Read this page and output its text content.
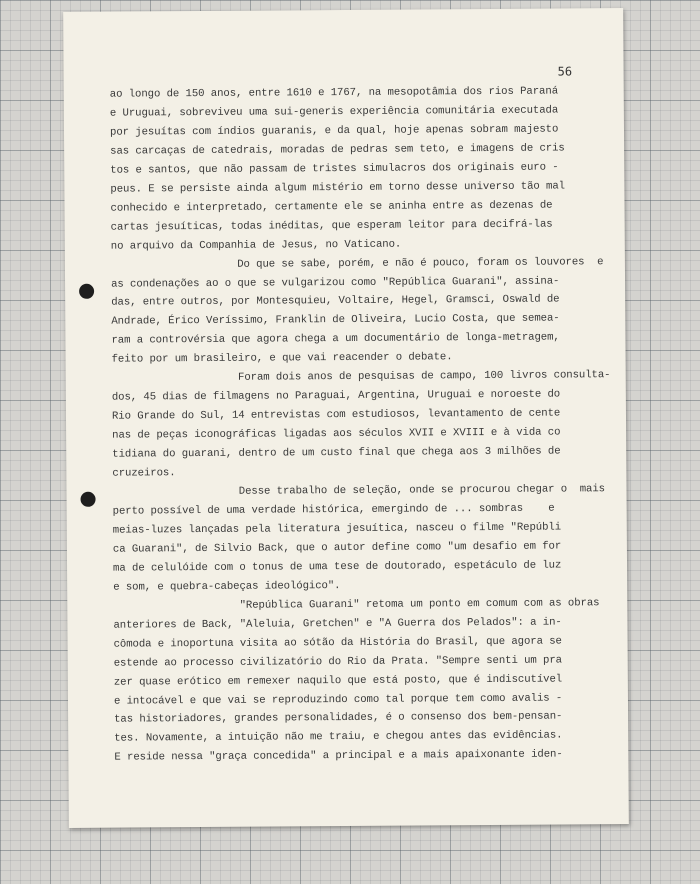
56
ao longo de 150 anos, entre 1610 e 1767, na mesopotâmia dos rios Paraná
e Uruguai, sobreviveu uma sui-generis experiência comunitária executada
por jesuítas com índios guaranis, e da qual, hoje apenas sobram majesto
sas carcaças de catedrais, moradas de pedras sem teto, e imagens de cris
tos e santos, que não passam de tristes simulacros dos originais euro -
peus. E se persiste ainda algum mistério em torno desse universo tão mal
conhecido e interpretado, certamente ele se aninha entre as dezenas de
cartas jesuíticas, todas inéditas, que esperam leitor para decifrá-las
no arquivo da Companhia de Jesus, no Vaticano.
Do que se sabe, porém, e não é pouco, foram os louvores  e
as condenações ao o que se vulgarizou como "República Guarani", assina-
das, entre outros, por Montesquieu, Voltaire, Hegel, Gramsci, Oswald de
Andrade, Érico Veríssimo, Franklin de Oliveira, Lucio Costa, que semea-
ram a controvérsia que agora chega a um documentário de longa-metragem,
feito por um brasileiro, e que vai reacender o debate.
Foram dois anos de pesquisas de campo, 100 livros consulta-
dos, 45 dias de filmagens no Paraguai, Argentina, Uruguai e noroeste do
Rio Grande do Sul, 14 entrevistas com estudiosos, levantamento de cente
nas de peças iconográficas ligadas aos séculos XVII e XVIII e à vida co
tidiana do guarani, dentro de um custo final que chega aos 3 milhões de
cruzeiros.
Desse trabalho de seleção, onde se procurou chegar o  mais
perto possível de uma verdade histórica, emergindo de ... sombras    e
meias-luzes lançadas pela literatura jesuítica, nasceu o filme "Repúbli
ca Guarani", de Silvio Back, que o autor define como "um desafio em for
ma de celulóide com o tonus de uma tese de doutorado, espetáculo de luz
e som, e quebra-cabeças ideológico".
"República Guarani" retoma um ponto em comum com as obras
anteriores de Back, "Aleluia, Gretchen" e "A Guerra dos Pelados": a in-
cômoda e inoportuna visita ao sótão da História do Brasil, que agora se
estende ao processo civilizatório do Rio da Prata. "Sempre senti um pra
zer quase erótico em remexer naquilo que está posto, que é indiscutível
e intocável e que vai se reproduzindo como tal porque tem como avalis -
tas historiadores, grandes personalidades, é o consenso dos bem-pensan-
tes. Novamente, a intuição não me traiu, e chegou antes das evidências.
E reside nessa "graça concedida" a principal e a mais apaixonante iden-
